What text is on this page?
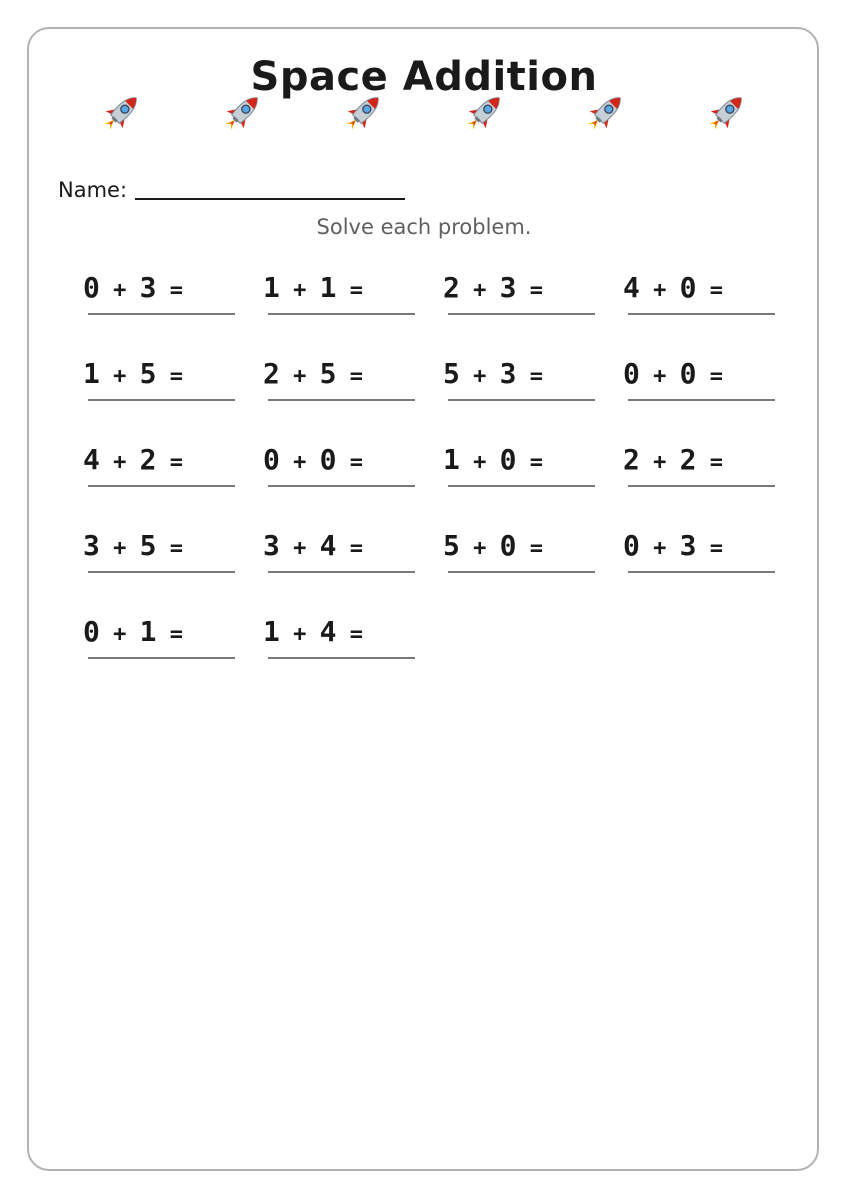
Space Addition
Name:
Solve each problem.
0 + 3 =	1 + 1 =	2 + 3 =	4 + 0 =
1 + 5 =	2 + 5 =	5 + 3 =	0 + 0 =
4 + 2 =	0 + 0 =	1 + 0 =	2 + 2 =
3 + 5 =	3 + 4 =	5 + 0 =	0 + 3 =
0 + 1 =	1 + 4 =
